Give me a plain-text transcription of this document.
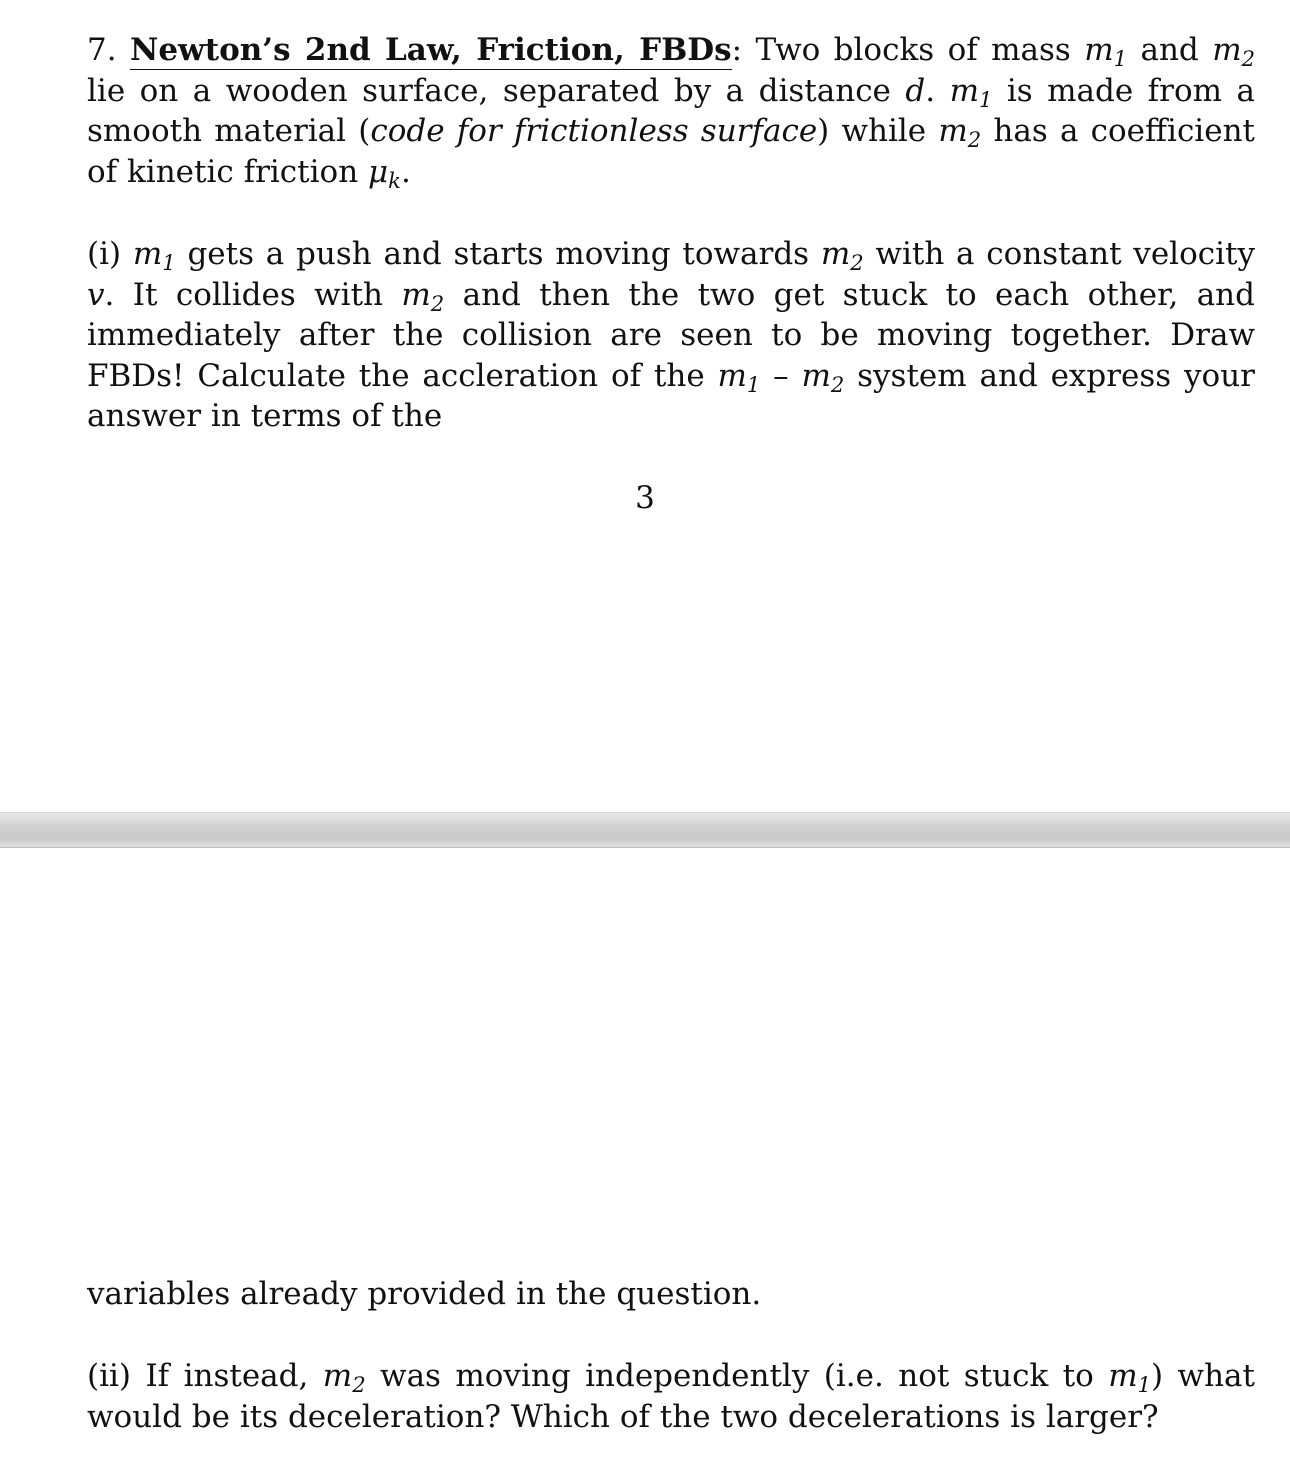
7. Newton’s 2nd Law, Friction, FBDs: Two blocks of mass $m_1$ and $m_2$ lie on a wooden surface, separated by a distance d. $m_1$ is made from a smooth material (code for frictionless surface) while $m_2$ has a coefficient of kinetic friction $\mu_k$.
(i) $m_1$ gets a push and starts moving towards $m_2$ with a constant velocity v. It collides with $m_2$ and then the two get stuck to each other, and immediately after the collision are seen to be moving together. Draw FBDs! Calculate the accleration of the $m_1 - m_2$ system and express your answer in terms of the
3
variables already provided in the question.
(ii) If instead, $m_2$ was moving independently (i.e. not stuck to $m_1$) what would be its deceleration? Which of the two decelerations is larger?
